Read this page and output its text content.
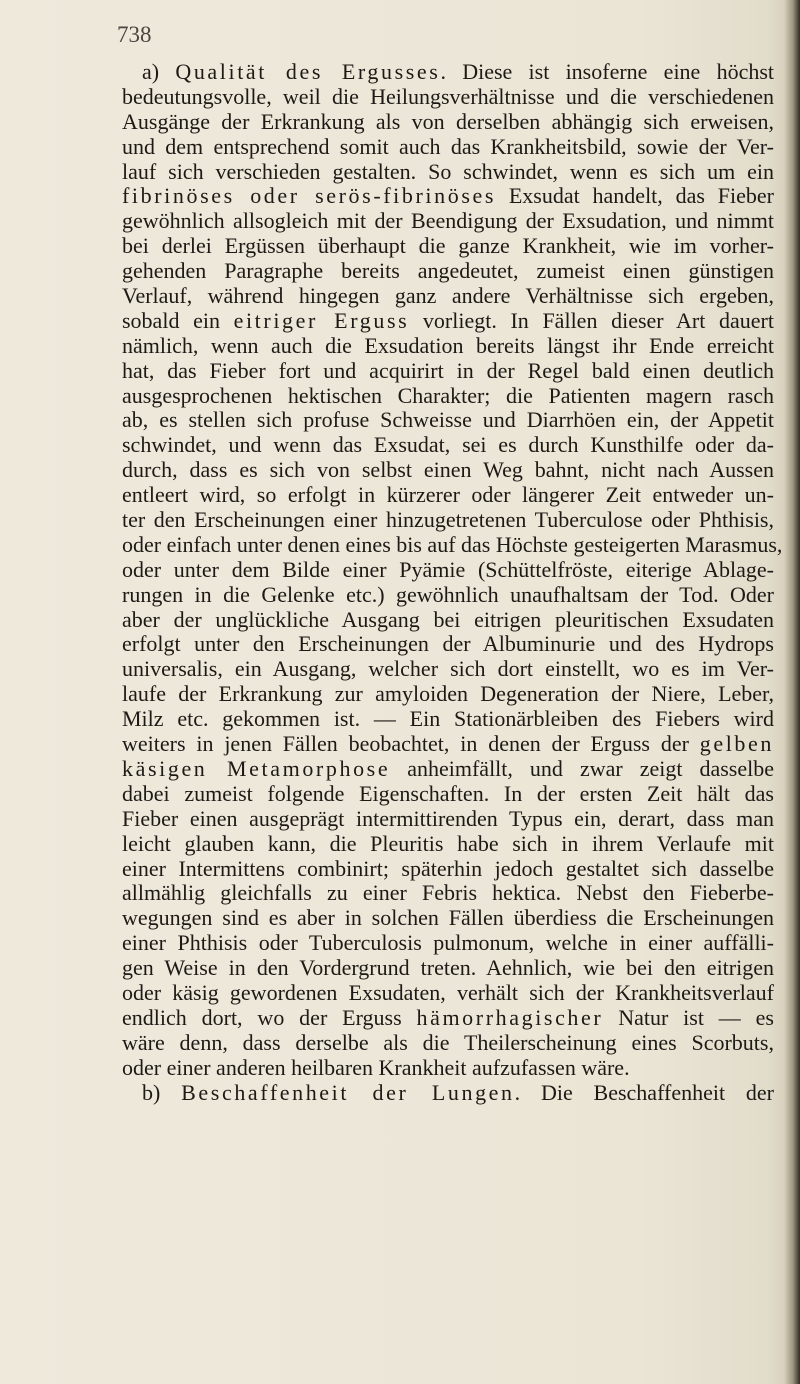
738

a) Qualität des Ergusses. Diese ist insoferne eine höchst
bedeutungsvolle, weil die Heilungsverhältnisse und die verschiedenen
Ausgänge der Erkrankung als von derselben abhängig sich erweisen,
und dem entsprechend somit auch das Krankheitsbild, sowie der Ver-
lauf sich verschieden gestalten. So schwindet, wenn es sich um ein
fibrinöses oder serös-fibrinöses Exsudat handelt, das Fieber
gewöhnlich allsogleich mit der Beendigung der Exsudation, und nimmt
bei derlei Ergüssen überhaupt die ganze Krankheit, wie im vorher-
gehenden Paragraphe bereits angedeutet, zumeist einen günstigen
Verlauf, während hingegen ganz andere Verhältnisse sich ergeben,
sobald ein eitriger Erguss vorliegt. In Fällen dieser Art dauert
nämlich, wenn auch die Exsudation bereits längst ihr Ende erreicht
hat, das Fieber fort und acquirirt in der Regel bald einen deutlich
ausgesprochenen hektischen Charakter; die Patienten magern rasch
ab, es stellen sich profuse Schweisse und Diarrhöen ein, der Appetit
schwindet, und wenn das Exsudat, sei es durch Kunsthilfe oder da-
durch, dass es sich von selbst einen Weg bahnt, nicht nach Aussen
entleert wird, so erfolgt in kürzerer oder längerer Zeit entweder un-
ter den Erscheinungen einer hinzugetretenen Tuberculose oder Phthisis,
oder einfach unter denen eines bis auf das Höchste gesteigerten Marasmus,
oder unter dem Bilde einer Pyämie (Schüttelfröste, eiterige Ablage-
rungen in die Gelenke etc.) gewöhnlich unaufhaltsam der Tod. Oder
aber der unglückliche Ausgang bei eitrigen pleuritischen Exsudaten
erfolgt unter den Erscheinungen der Albuminurie und des Hydrops
universalis, ein Ausgang, welcher sich dort einstellt, wo es im Ver-
laufe der Erkrankung zur amyloiden Degeneration der Niere, Leber,
Milz etc. gekommen ist. — Ein Stationärbleiben des Fiebers wird
weiters in jenen Fällen beobachtet, in denen der Erguss der gelben
käsigen Metamorphose anheimfällt, und zwar zeigt dasselbe
dabei zumeist folgende Eigenschaften. In der ersten Zeit hält das
Fieber einen ausgeprägt intermittirenden Typus ein, derart, dass man
leicht glauben kann, die Pleuritis habe sich in ihrem Verlaufe mit
einer Intermittens combinirt; späterhin jedoch gestaltet sich dasselbe
allmählig gleichfalls zu einer Febris hektica. Nebst den Fieberbe-
wegungen sind es aber in solchen Fällen überdiess die Erscheinungen
einer Phthisis oder Tuberculosis pulmonum, welche in einer auffälli-
gen Weise in den Vordergrund treten. Aehnlich, wie bei den eitrigen
oder käsig gewordenen Exsudaten, verhält sich der Krankheitsverlauf
endlich dort, wo der Erguss hämorrhagischer Natur ist — es
wäre denn, dass derselbe als die Theilerscheinung eines Scorbuts,
oder einer anderen heilbaren Krankheit aufzufassen wäre.
b) Beschaffenheit der Lungen. Die Beschaffenheit der
